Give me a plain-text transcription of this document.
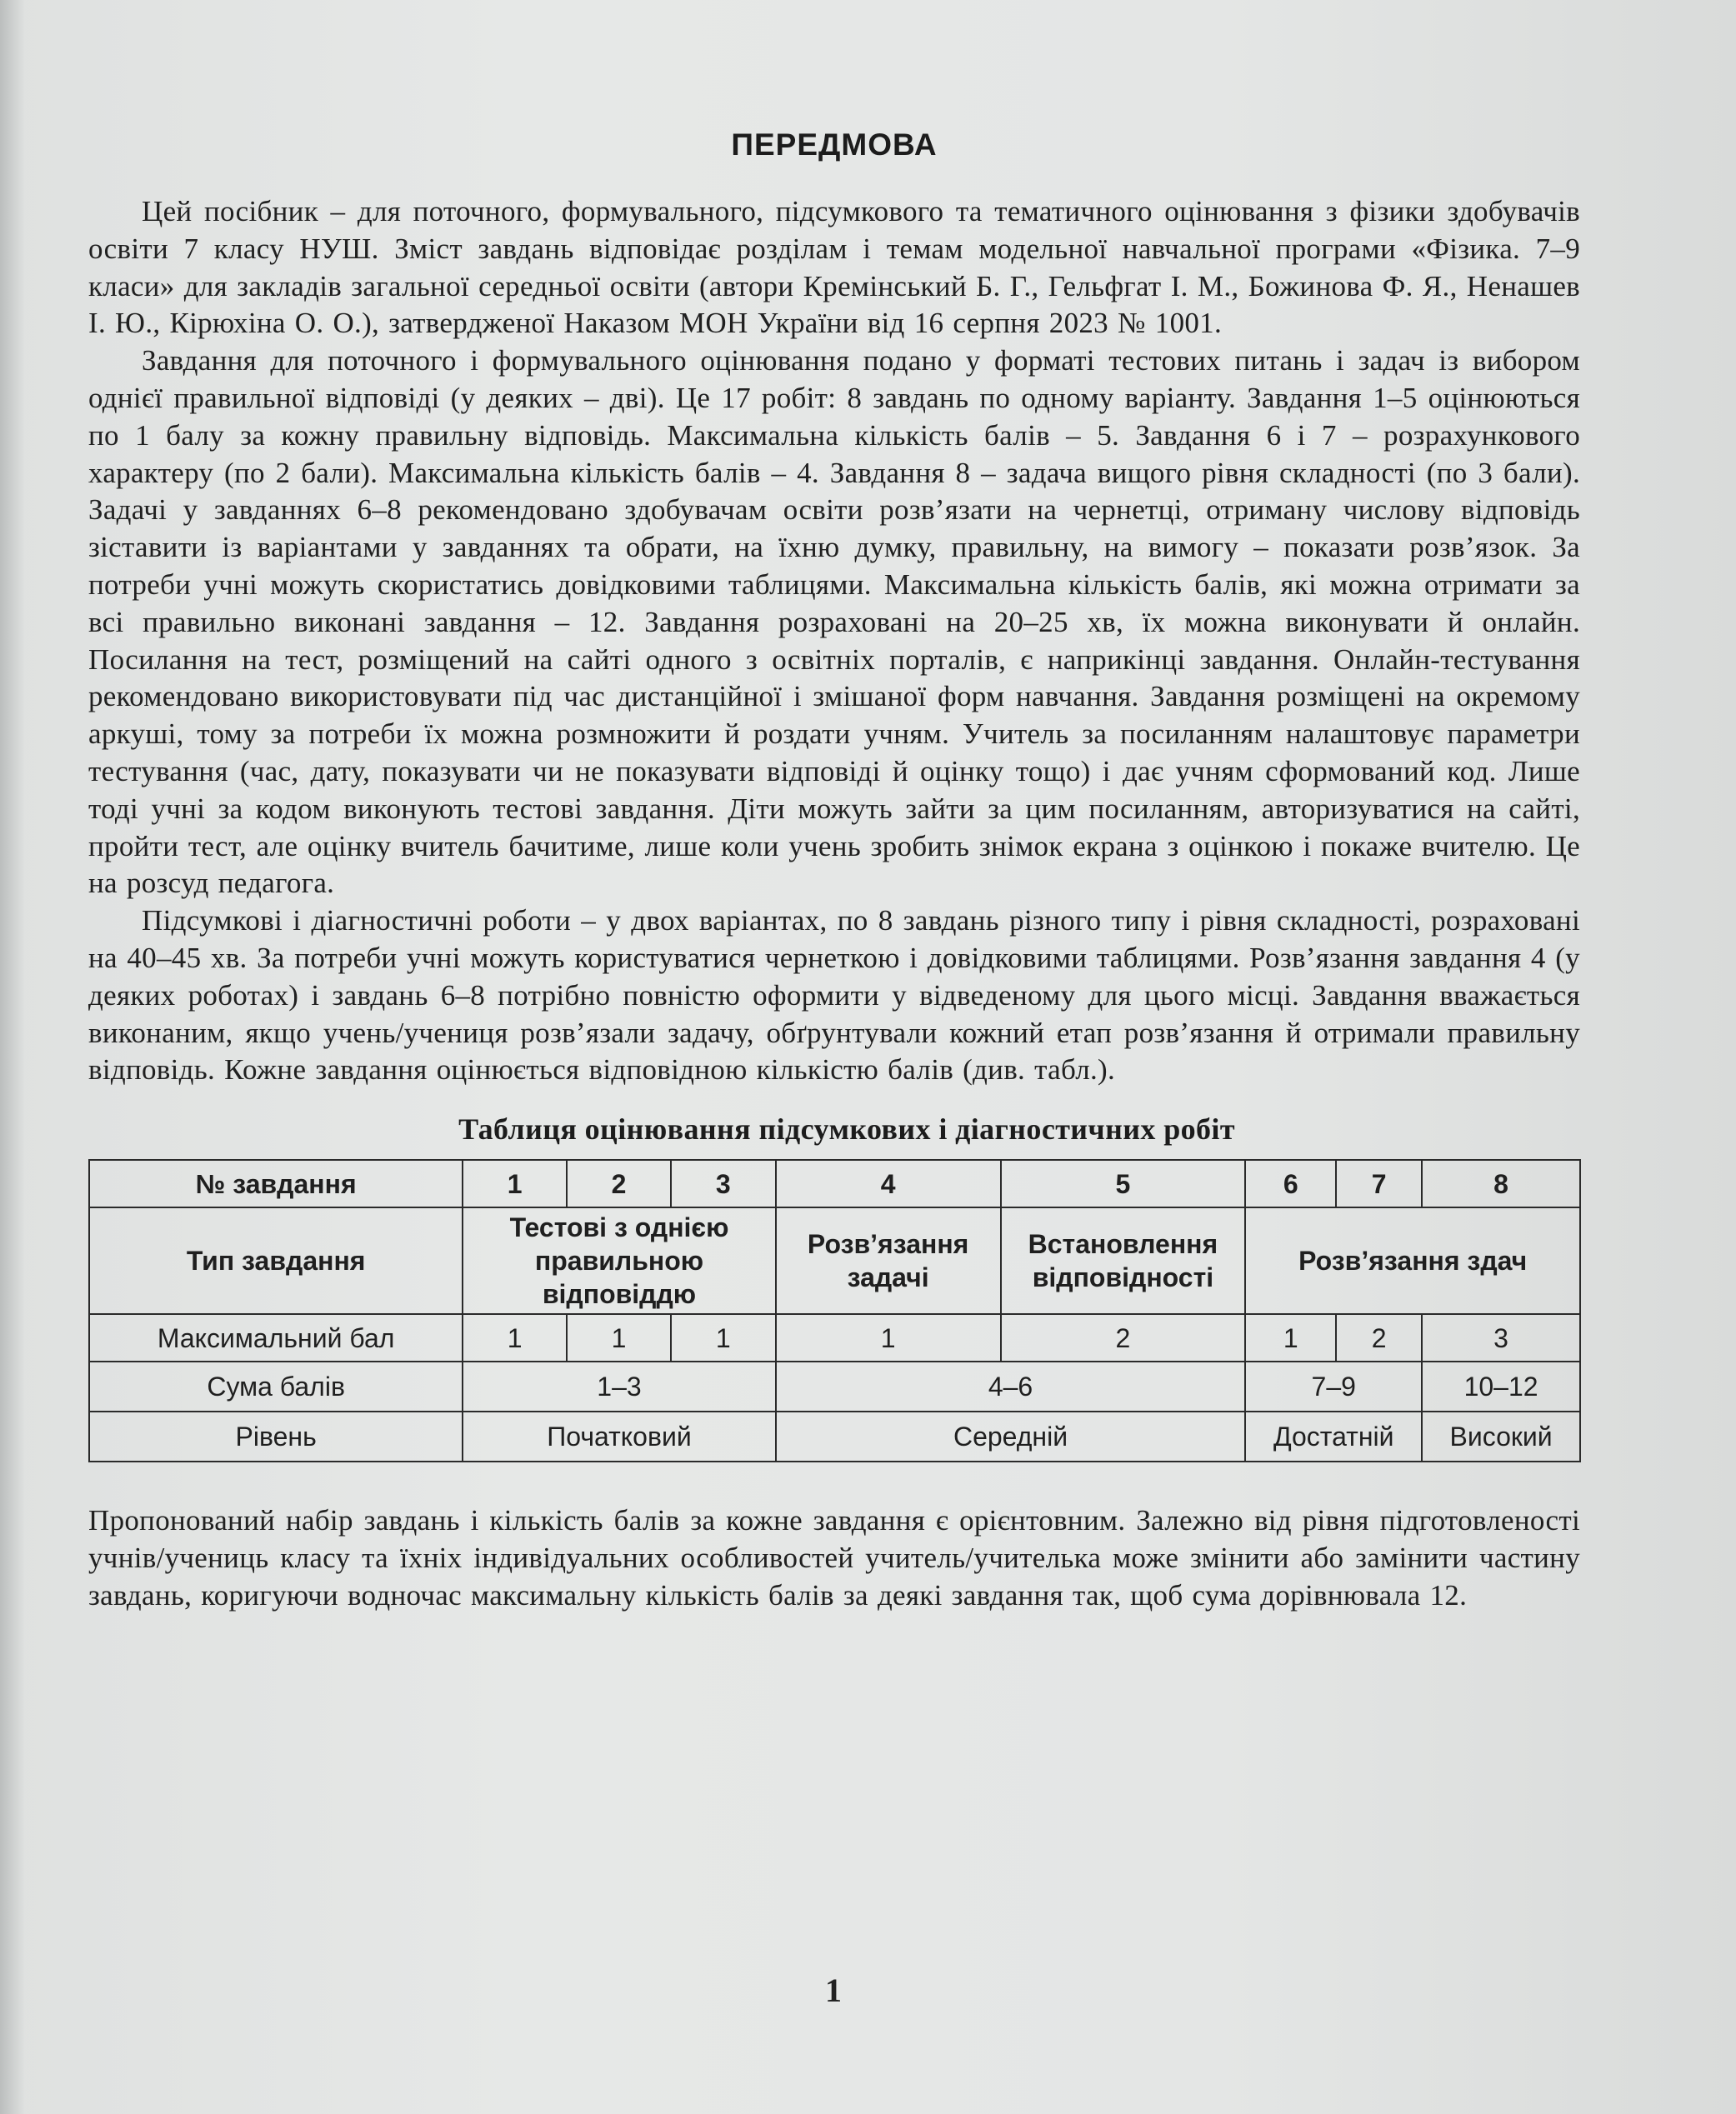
ПЕРЕДМОВА

Цей посібник – для поточного, формувального, підсумкового та тематичного оцінювання з фізики здобувачів освіти 7 класу НУШ. Зміст завдань відповідає розділам і темам модельної навчальної програми «Фізика. 7–9 класи» для закладів загальної середньої освіти (автори Кремінський Б. Г., Гельфгат І. М., Божинова Ф. Я., Ненашев І. Ю., Кірюхіна О. О.), затвердженої Наказом МОН України від 16 серпня 2023 № 1001.

Завдання для поточного і формувального оцінювання подано у форматі тестових питань і задач із вибором однієї правильної відповіді (у деяких – дві). Це 17 робіт: 8 завдань по одному варіанту. Завдання 1–5 оцінюються по 1 балу за кожну правильну відповідь. Максимальна кількість балів – 5. Завдання 6 і 7 – розрахункового характеру (по 2 бали). Максимальна кількість балів – 4. Завдання 8 – задача вищого рівня складності (по 3 бали). Задачі у завданнях 6–8 рекомендовано здобувачам освіти розв’язати на чернетці, отриману числову відповідь зіставити із варіантами у завданнях та обрати, на їхню думку, правильну, на вимогу – показати розв’язок. За потреби учні можуть скористатись довідковими таблицями. Максимальна кількість балів, які можна отримати за всі правильно виконані завдання – 12. Завдання розраховані на 20–25 хв, їх можна виконувати й онлайн. Посилання на тест, розміщений на сайті одного з освітніх порталів, є наприкінці завдання. Онлайн-тестування рекомендовано використовувати під час дистанційної і змішаної форм навчання. Завдання розміщені на окремому аркуші, тому за потреби їх можна розмножити й роздати учням. Учитель за посиланням налаштовує параметри тестування (час, дату, показувати чи не показувати відповіді й оцінку тощо) і дає учням сформований код. Лише тоді учні за кодом виконують тестові завдання. Діти можуть зайти за цим посиланням, авторизуватися на сайті, пройти тест, але оцінку вчитель бачитиме, лише коли учень зробить знімок екрана з оцінкою і покаже вчителю. Це на розсуд педагога.

Підсумкові і діагностичні роботи – у двох варіантах, по 8 завдань різного типу і рівня складності, розраховані на 40–45 хв. За потреби учні можуть користуватися чернеткою і довідковими таблицями. Розв’язання завдання 4 (у деяких роботах) і завдань 6–8 потрібно повністю оформити у відведеному для цього місці. Завдання вважається виконаним, якщо учень/учениця розв’язали задачу, обґрунтували кожний етап розв’язання й отримали правильну відповідь. Кожне завдання оцінюється відповідною кількістю балів (див. табл.).

Таблиця оцінювання підсумкових і діагностичних робіт
№ завдання	1	2	3	4	5	6	7	8
Тип завдання	Тестові з однією правильною відповіддю			Розв’язання задачі	Встановлення відповідності	Розв’язання здач		
Максимальний бал	1	1	1	1	2	1	2	3
Сума балів	1–3			4–6		7–9		10–12
Рівень	Початковий			Середній		Достатній		Високий

Пропонований набір завдань і кількість балів за кожне завдання є орієнтовним. Залежно від рівня підготовленості учнів/учениць класу та їхніх індивідуальних особливостей учитель/учителька може змінити або замінити частину завдань, коригуючи водночас максимальну кількість балів за деякі завдання так, щоб сума дорівнювала 12.

1
